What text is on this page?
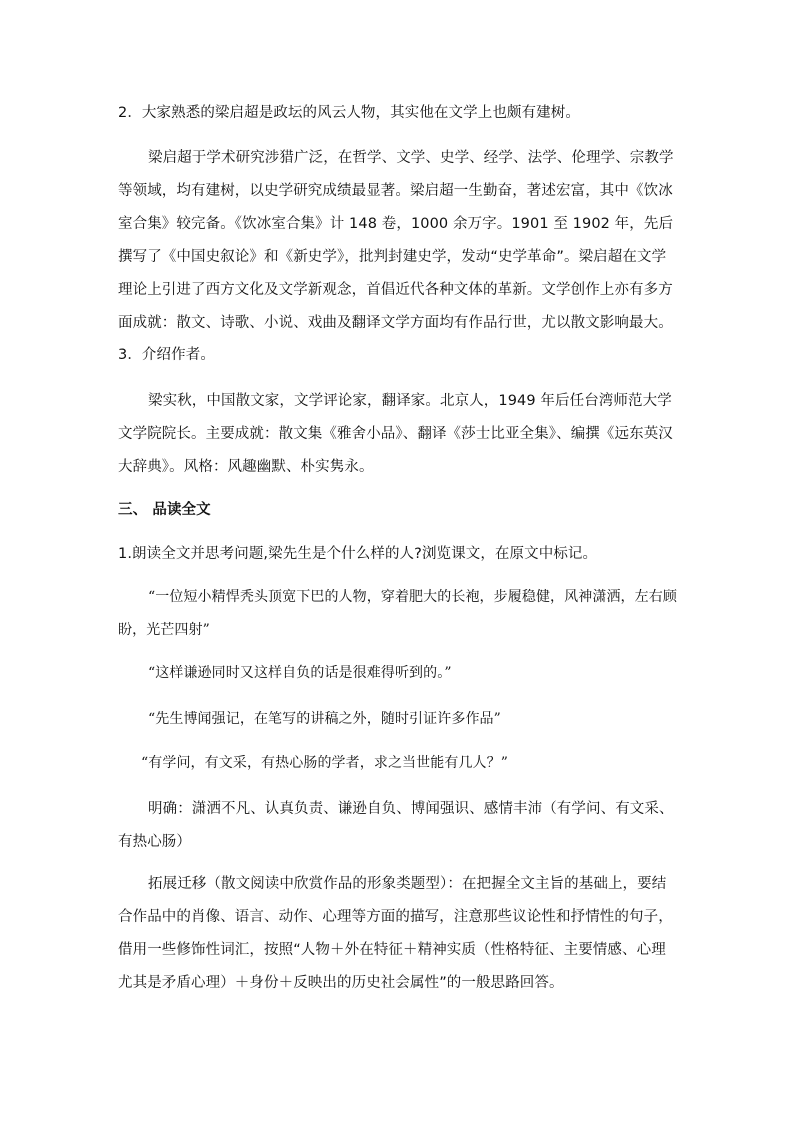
2．大家熟悉的梁启超是政坛的风云人物，其实他在文学上也颇有建树。

梁启超于学术研究涉猎广泛，在哲学、文学、史学、经学、法学、伦理学、宗教学等领域，均有建树，以史学研究成绩最显著。梁启超一生勤奋，著述宏富，其中《饮冰室合集》较完备。《饮冰室合集》计 148 卷，1000 余万字。1901 至 1902 年，先后撰写了《中国史叙论》和《新史学》，批判封建史学，发动“史学革命”。梁启超在文学理论上引进了西方文化及文学新观念，首倡近代各种文体的革新。文学创作上亦有多方面成就：散文、诗歌、小说、戏曲及翻译文学方面均有作品行世，尤以散文影响最大。

3．介绍作者。

梁实秋，中国散文家，文学评论家，翻译家。北京人，1949 年后任台湾师范大学文学院院长。主要成就：散文集《雅舍小品》、翻译《莎士比亚全集》、编撰《远东英汉大辞典》。风格：风趣幽默、朴实隽永。

三、 品读全文

1.朗读全文并思考问题,梁先生是个什么样的人?浏览课文，在原文中标记。

“一位短小精悍秃头顶宽下巴的人物，穿着肥大的长袍，步履稳健，风神潇洒，左右顾盼，光芒四射”

“这样谦逊同时又这样自负的话是很难得听到的。”

“先生博闻强记，在笔写的讲稿之外，随时引证许多作品”

“有学问，有文采，有热心肠的学者，求之当世能有几人？”

明确：潇洒不凡、认真负责、谦逊自负、博闻强识、感情丰沛（有学问、有文采、有热心肠）

拓展迁移（散文阅读中欣赏作品的形象类题型）：在把握全文主旨的基础上，要结合作品中的肖像、语言、动作、心理等方面的描写，注意那些议论性和抒情性的句子，借用一些修饰性词汇，按照“人物＋外在特征＋精神实质（性格特征、主要情感、心理尤其是矛盾心理）＋身份＋反映出的历史社会属性”的一般思路回答。
